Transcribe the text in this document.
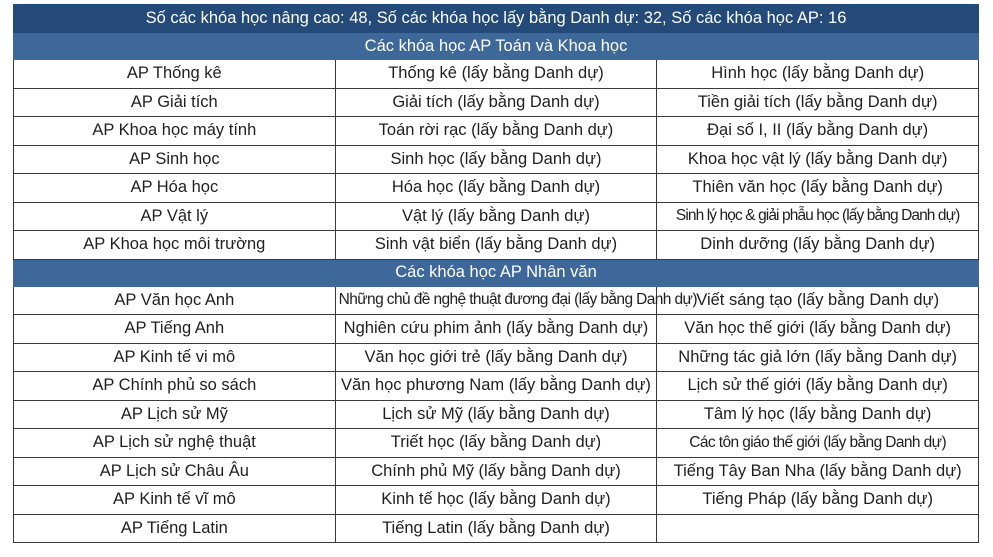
Số các khóa học nâng cao: 48, Số các khóa học lấy bằng Danh dự: 32, Số các khóa học AP: 16		
Các khóa học AP Toán và Khoa học		
AP Thống kê	Thống kê (lấy bằng Danh dự)	Hình học (lấy bằng Danh dự)
AP Giải tích	Giải tích (lấy bằng Danh dự)	Tiền giải tích (lấy bằng Danh dự)
AP Khoa học máy tính	Toán rời rạc (lấy bằng Danh dự)	Đại số I, II (lấy bằng Danh dự)
AP Sinh học	Sinh học (lấy bằng Danh dự)	Khoa học vật lý (lấy bằng Danh dự)
AP Hóa học	Hóa học (lấy bằng Danh dự)	Thiên văn học (lấy bằng Danh dự)
AP Vật lý	Vật lý (lấy bằng Danh dự)	Sinh lý học & giải phẫu học (lấy bằng Danh dự)
AP Khoa học môi trường	Sinh vật biển (lấy bằng Danh dự)	Dinh dưỡng (lấy bằng Danh dự)
Các khóa học AP Nhân văn		
AP Văn học Anh	Những chủ đề nghệ thuật đương đại (lấy bằng Danh dự)	Viết sáng tạo (lấy bằng Danh dự)
AP Tiếng Anh	Nghiên cứu phim ảnh (lấy bằng Danh dự)	Văn học thế giới (lấy bằng Danh dự)
AP Kinh tế vi mô	Văn học giới trẻ (lấy bằng Danh dự)	Những tác giả lớn (lấy bằng Danh dự)
AP Chính phủ so sách	Văn học phương Nam (lấy bằng Danh dự)	Lịch sử thế giới (lấy bằng Danh dự)
AP Lịch sử Mỹ	Lịch sử Mỹ (lấy bằng Danh dự)	Tâm lý học (lấy bằng Danh dự)
AP Lịch sử nghệ thuật	Triết học (lấy bằng Danh dự)	Các tôn giáo thế giới (lấy bằng Danh dự)
AP Lịch sử Châu Âu	Chính phủ Mỹ (lấy bằng Danh dự)	Tiếng Tây Ban Nha (lấy bằng Danh dự)
AP Kinh tế vĩ mô	Kinh tế học (lấy bằng Danh dự)	Tiếng Pháp (lấy bằng Danh dự)
AP Tiếng Latin	Tiếng Latin (lấy bằng Danh dự)	
